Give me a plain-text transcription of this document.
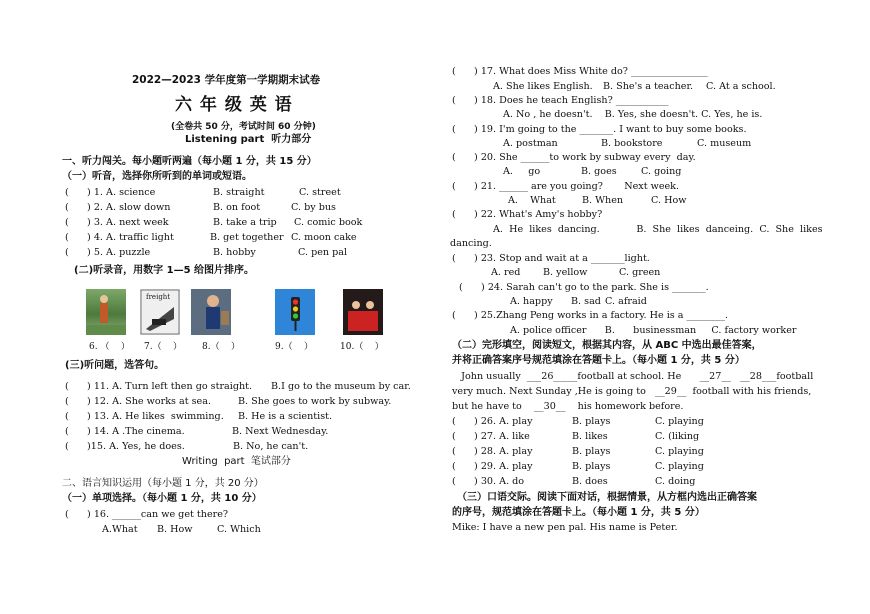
2022—2023 学年度第一学期期末试卷
六 年 级 英 语
(全卷共 50 分，考试时间 60 分钟)
Listening part  听力部分
一、听力闯关。每小题听两遍（每小题 1 分，共 15 分）
（一）听音，选择你所听到的单词或短语。
(      ) 1. A. science	B. straight	C. street
(      ) 2. A. slow down	B. on foot	C. by bus
(      ) 3. A. next week	B. take a trip C. comic book
(      ) 4. A. traffic light	B. get together C. moon cake
(      ) 5. A. puzzle	B. hobby	C. pen pal
(二)听录音，用数字 1—5 给图片排序。
freight
6. （    ） 7.（    ） 8.（    ）	9.（    ）	10.（    ）
(三)听问题，选答句。
(      ) 11. A. Turn left then go straight. B.I go to the museum by car.
(      ) 12. A. She works at sea.	B. She goes to work by subway.
(      ) 13. A. He likes  swimming. B. He is a scientist.
(      ) 14. A .The cinema.	B. Next Wednesday.
(      )15. A. Yes, he does.	B. No, he can't.
Writing  part  笔试部分
二、语言知识运用（每小题 1 分，共 20 分）
（一）单项选择。（每小题 1 分，共 10 分）
(      ) 16. ______can we get there?
A.What B. How	C. Which
(      ) 17. What does Miss White do? ________________
A. She likes English. B. She's a teacher. C. At a school.
(      ) 18. Does he teach English? ___________
A. No , he doesn't.    B. Yes, she doesn't. C. Yes, he is.
(      ) 19. I'm going to the _______. I want to buy some books.
A. postman	B. bookstore	C. museum
(      ) 20. She ______to work by subway every  day.
A.     go	B. goes	C. going
(      ) 21. ______ are you going?       Next week.
A.    What	B. When	C. How
(      ) 22. What's Amy's hobby?
A.  He  likes  dancing.            B.  She  likes  danceing.  C.  She  likes
dancing.
(      ) 23. Stop and wait at a _______light.
A. red B. yellow	C. green
(      ) 24. Sarah can't go to the park. She is _______.
A. happy B. sad C. afraid
(      ) 25.Zhang Peng works in a factory. He is a ________.
A. police officer      B.      businessman     C. factory worker
（二）完形填空，阅读短文，根据其内容，从 ABC 中选出最佳答案，
并将正确答案序号规范填涂在答题卡上。（每小题 1 分，共 5 分）
John usually  ___26_____football at school. He      __27__   __28___football
very much. Next Sunday ,He is going to   __29__  football with his friends,
but he have to    __30__    his homework before.
(      ) 26. A. play	B. plays	C. playing
(      ) 27. A. like	B. likes	C. (liking
(      ) 28. A. play	B. plays	C. playing
(      ) 29. A. play	B. plays	C. playing
(      ) 30. A. do	B. does	C. doing
（三）口语交际。阅读下面对话，根据情景，从方框内选出正确答案
的序号，规范填涂在答题卡上。（每小题 1 分，共 5 分）
Mike: I have a new pen pal. His name is Peter.
